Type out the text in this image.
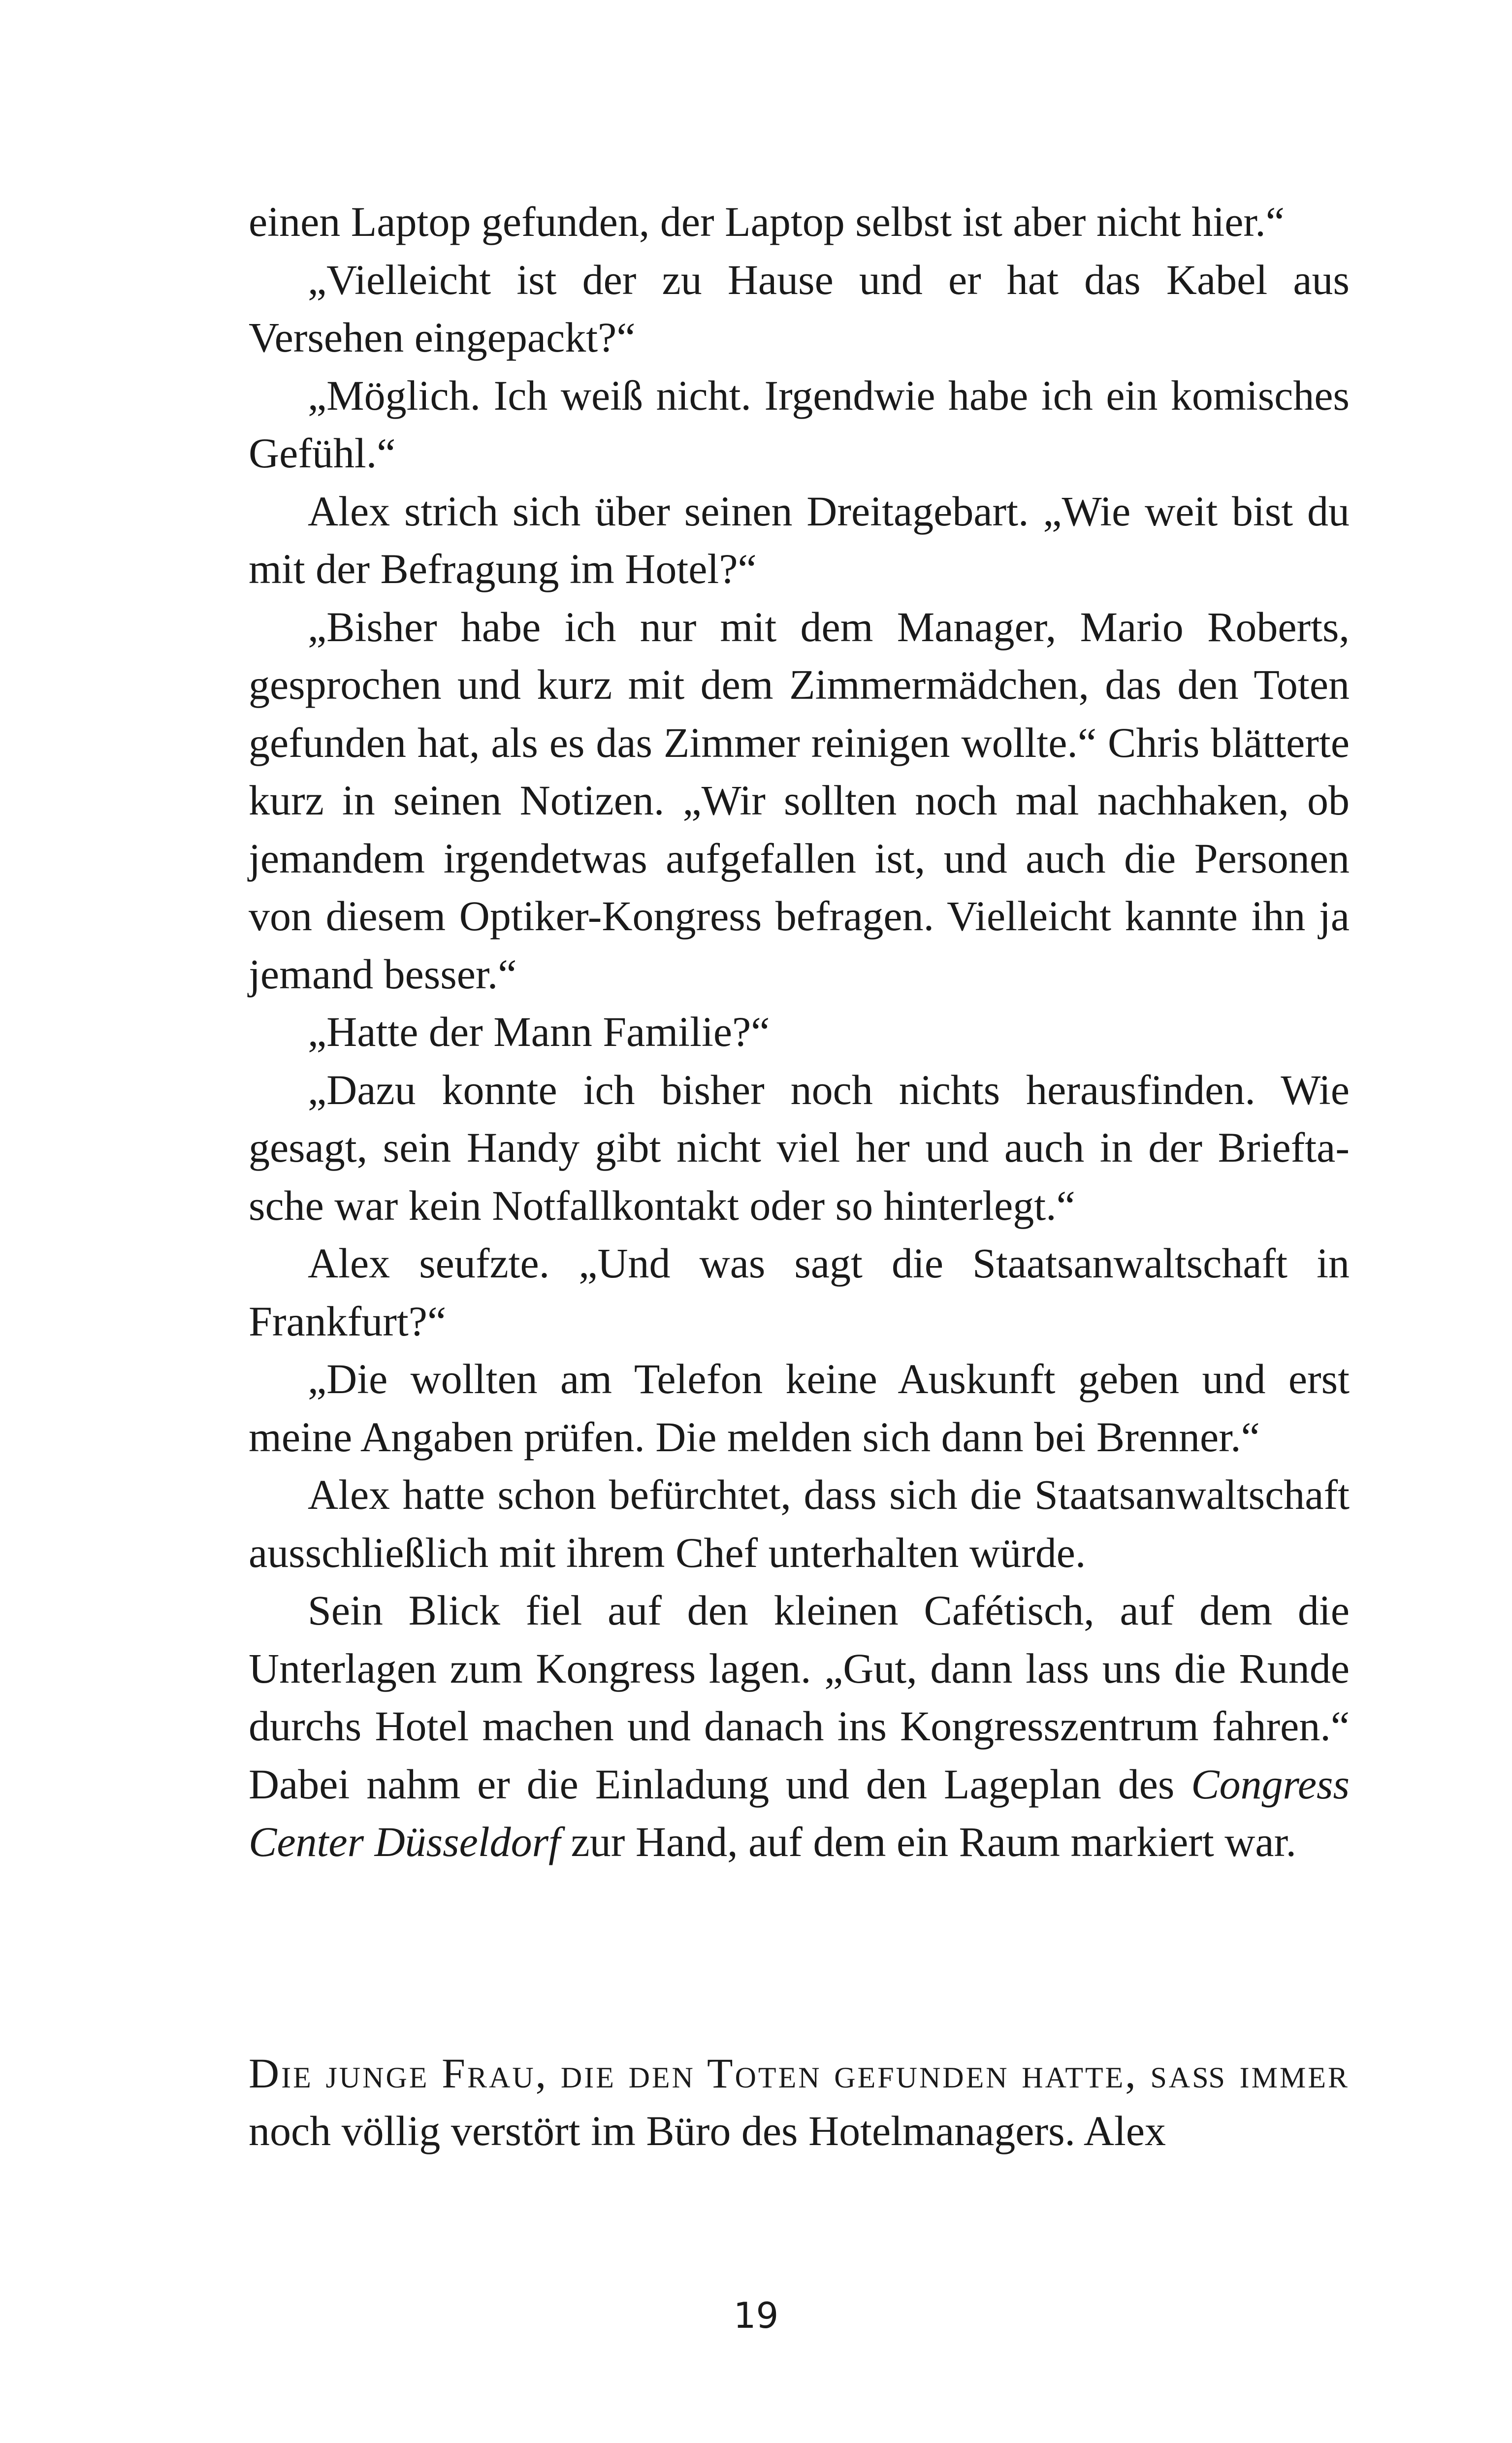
einen Laptop gefunden, der Laptop selbst ist aber nicht hier.“

„Vielleicht ist der zu Hause und er hat das Kabel aus Versehen eingepackt?“

„Möglich. Ich weiß nicht. Irgendwie habe ich ein komisches Gefühl.“

Alex strich sich über seinen Dreitagebart. „Wie weit bist du mit der Befragung im Hotel?“

„Bisher habe ich nur mit dem Manager, Mario Roberts, gesprochen und kurz mit dem Zimmermädchen, das den Toten gefunden hat, als es das Zimmer reinigen wollte.“ Chris blätterte kurz in seinen Notizen. „Wir sollten noch mal nachhaken, ob jemandem irgendetwas aufgefallen ist, und auch die Personen von diesem Optiker-Kongress befragen. Vielleicht kannte ihn ja jemand besser.“

„Hatte der Mann Familie?“

„Dazu konnte ich bisher noch nichts herausfinden. Wie gesagt, sein Handy gibt nicht viel her und auch in der Brieftasche war kein Notfallkontakt oder so hinterlegt.“

Alex seufzte. „Und was sagt die Staatsanwaltschaft in Frankfurt?“

„Die wollten am Telefon keine Auskunft geben und erst meine Angaben prüfen. Die melden sich dann bei Brenner.“

Alex hatte schon befürchtet, dass sich die Staatsanwaltschaft ausschließlich mit ihrem Chef unterhalten würde.

Sein Blick fiel auf den kleinen Cafétisch, auf dem die Unterlagen zum Kongress lagen. „Gut, dann lass uns die Runde durchs Hotel machen und danach ins Kongresszentrum fahren.“ Dabei nahm er die Einladung und den Lageplan des Congress Center Düsseldorf zur Hand, auf dem ein Raum markiert war.

Die junge Frau, die den Toten gefunden hatte, saß immer noch völlig verstört im Büro des Hotelmanagers. Alex

19
